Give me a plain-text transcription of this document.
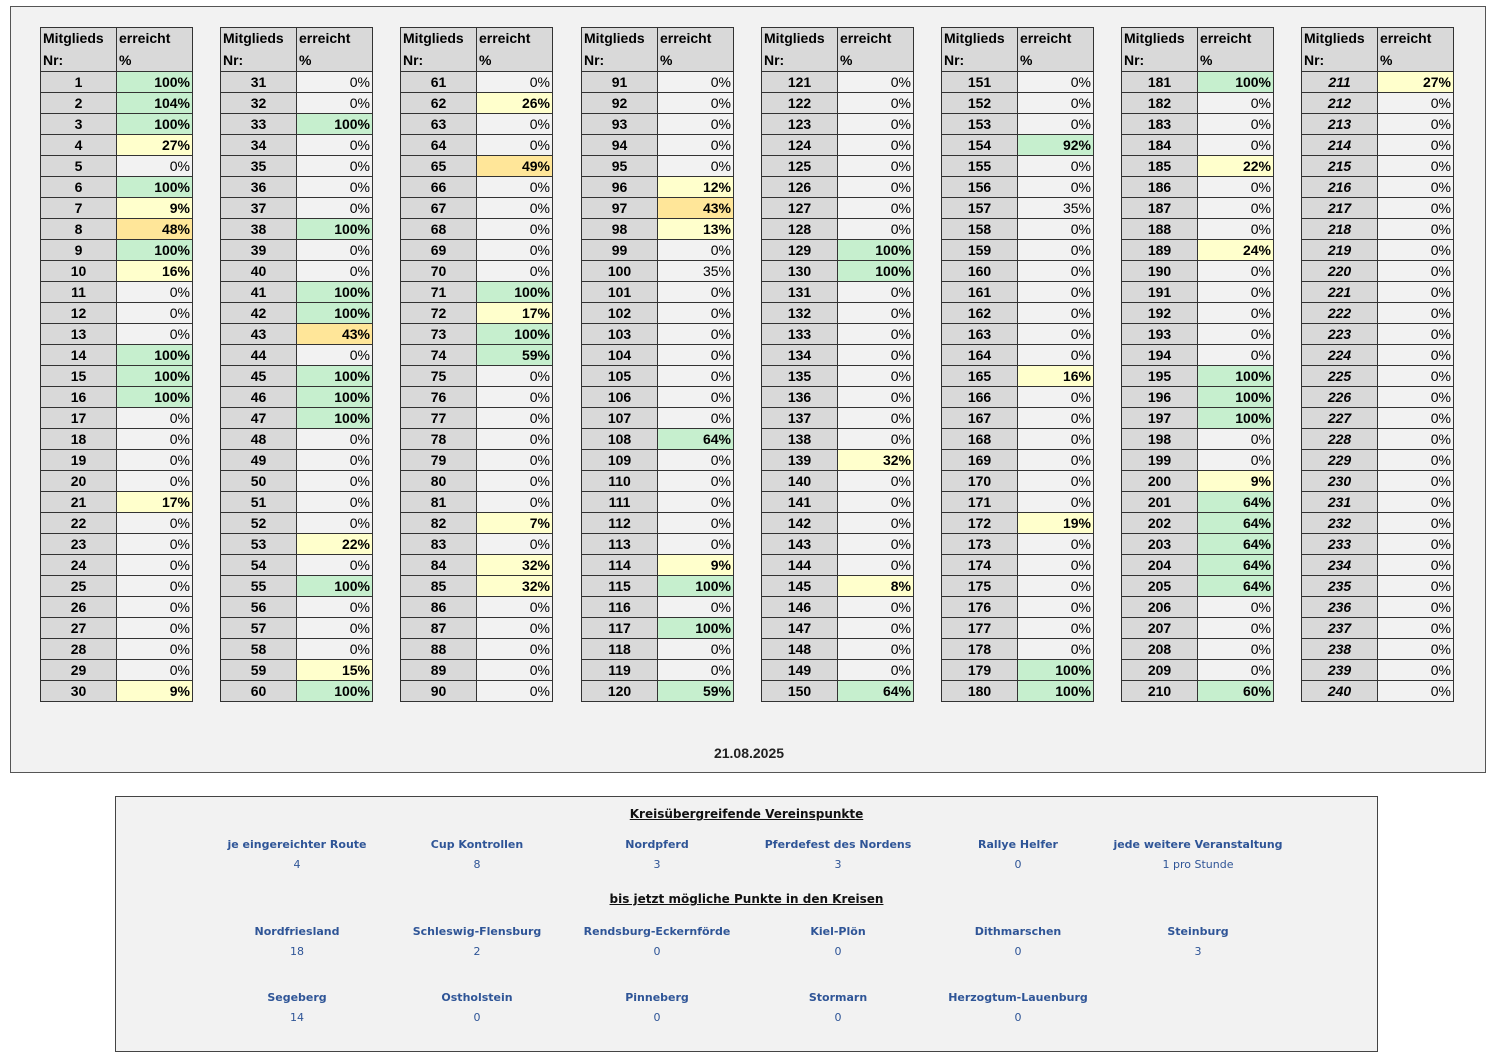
Mitglieds	erreicht
Nr:	%
1	100%
2	104%
3	100%
4	27%
5	0%
6	100%
7	9%
8	48%
9	100%
10	16%
11	0%
12	0%
13	0%
14	100%
15	100%
16	100%
17	0%
18	0%
19	0%
20	0%
21	17%
22	0%
23	0%
24	0%
25	0%
26	0%
27	0%
28	0%
29	0%
30	9%
Mitglieds	erreicht
Nr:	%
31	0%
32	0%
33	100%
34	0%
35	0%
36	0%
37	0%
38	100%
39	0%
40	0%
41	100%
42	100%
43	43%
44	0%
45	100%
46	100%
47	100%
48	0%
49	0%
50	0%
51	0%
52	0%
53	22%
54	0%
55	100%
56	0%
57	0%
58	0%
59	15%
60	100%
Mitglieds	erreicht
Nr:	%
61	0%
62	26%
63	0%
64	0%
65	49%
66	0%
67	0%
68	0%
69	0%
70	0%
71	100%
72	17%
73	100%
74	59%
75	0%
76	0%
77	0%
78	0%
79	0%
80	0%
81	0%
82	7%
83	0%
84	32%
85	32%
86	0%
87	0%
88	0%
89	0%
90	0%
Mitglieds	erreicht
Nr:	%
91	0%
92	0%
93	0%
94	0%
95	0%
96	12%
97	43%
98	13%
99	0%
100	35%
101	0%
102	0%
103	0%
104	0%
105	0%
106	0%
107	0%
108	64%
109	0%
110	0%
111	0%
112	0%
113	0%
114	9%
115	100%
116	0%
117	100%
118	0%
119	0%
120	59%
Mitglieds	erreicht
Nr:	%
121	0%
122	0%
123	0%
124	0%
125	0%
126	0%
127	0%
128	0%
129	100%
130	100%
131	0%
132	0%
133	0%
134	0%
135	0%
136	0%
137	0%
138	0%
139	32%
140	0%
141	0%
142	0%
143	0%
144	0%
145	8%
146	0%
147	0%
148	0%
149	0%
150	64%
Mitglieds	erreicht
Nr:	%
151	0%
152	0%
153	0%
154	92%
155	0%
156	0%
157	35%
158	0%
159	0%
160	0%
161	0%
162	0%
163	0%
164	0%
165	16%
166	0%
167	0%
168	0%
169	0%
170	0%
171	0%
172	19%
173	0%
174	0%
175	0%
176	0%
177	0%
178	0%
179	100%
180	100%
Mitglieds	erreicht
Nr:	%
181	100%
182	0%
183	0%
184	0%
185	22%
186	0%
187	0%
188	0%
189	24%
190	0%
191	0%
192	0%
193	0%
194	0%
195	100%
196	100%
197	100%
198	0%
199	0%
200	9%
201	64%
202	64%
203	64%
204	64%
205	64%
206	0%
207	0%
208	0%
209	0%
210	60%
Mitglieds	erreicht
Nr:	%
211	27%
212	0%
213	0%
214	0%
215	0%
216	0%
217	0%
218	0%
219	0%
220	0%
221	0%
222	0%
223	0%
224	0%
225	0%
226	0%
227	0%
228	0%
229	0%
230	0%
231	0%
232	0%
233	0%
234	0%
235	0%
236	0%
237	0%
238	0%
239	0%
240	0%
21.08.2025
Kreisübergreifende Vereinspunkte
je eingereichter Route
4
Cup Kontrollen
8
Nordpferd
3
Pferdefest des Nordens
3
Rallye Helfer
0
jede weitere Veranstaltung
1 pro Stunde
bis jetzt mögliche Punkte in den Kreisen
Nordfriesland
18
Schleswig-Flensburg
2
Rendsburg-Eckernförde
0
Kiel-Plön
0
Dithmarschen
0
Steinburg
3
Segeberg
14
Ostholstein
0
Pinneberg
0
Stormarn
0
Herzogtum-Lauenburg
0
